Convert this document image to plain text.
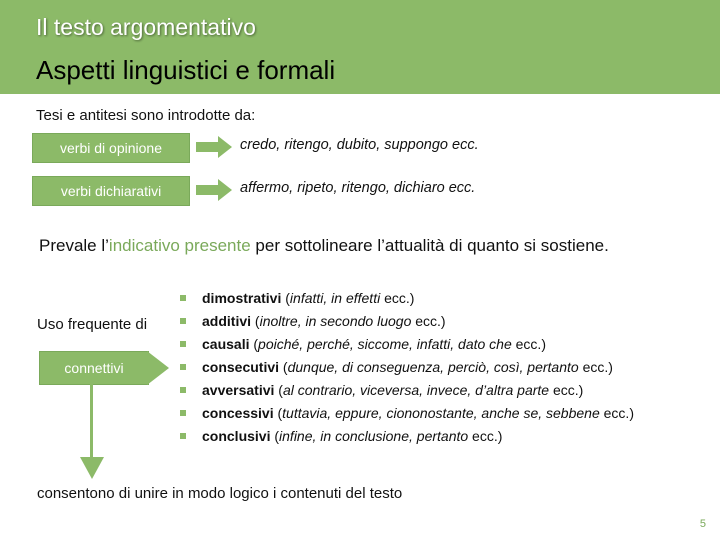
Il testo argomentativo
Aspetti linguistici e formali
Tesi e antitesi sono introdotte da:
verbi di opinione	credo, ritengo, dubito, suppongo ecc.
verbi dichiarativi	affermo, ripeto, ritengo, dichiaro ecc.
Prevale l’indicativo presente per sottolineare l’attualità di quanto si sostiene.
Uso frequente di
connettivi
dimostrativi (infatti, in effetti ecc.)
additivi (inoltre, in secondo luogo ecc.)
causali (poiché, perché, siccome, infatti, dato che ecc.)
consecutivi (dunque, di conseguenza, perciò, così, pertanto ecc.)
avversativi (al contrario, viceversa, invece, d’altra parte ecc.)
concessivi (tuttavia, eppure, ciononostante, anche se, sebbene ecc.)
conclusivi (infine, in conclusione, pertanto ecc.)
consentono di unire in modo logico i contenuti del testo
5
